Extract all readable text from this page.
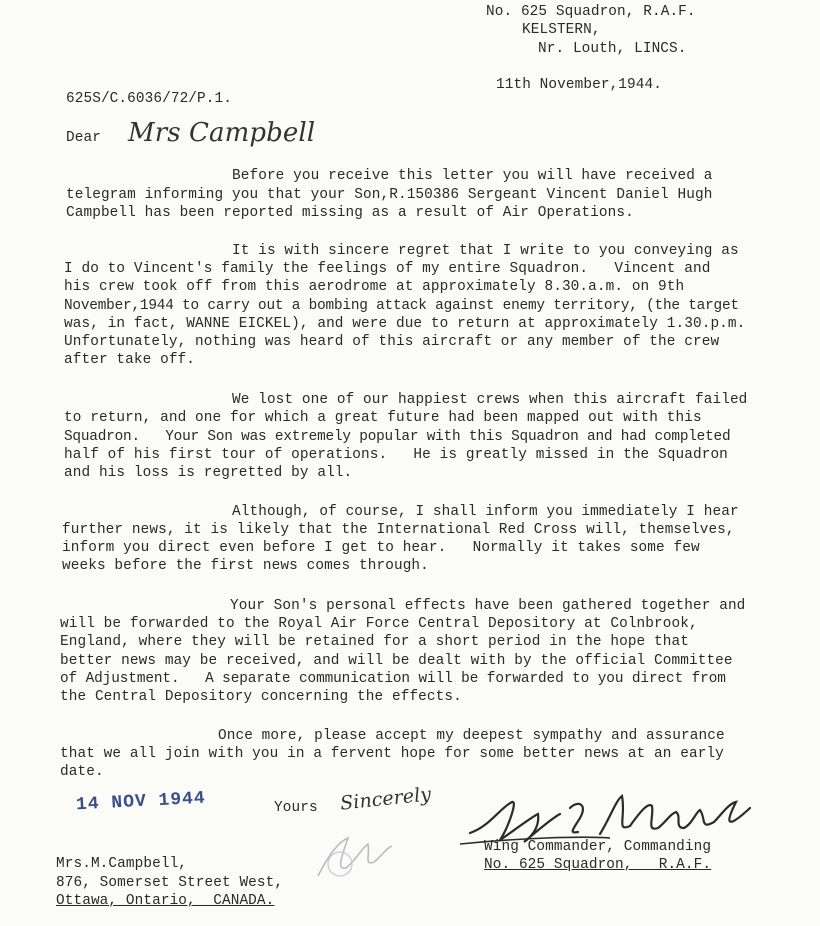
No. 625 Squadron, R.A.F.
KELSTERN,
Nr. Louth, LINCS.
11th November,1944.
625S/C.6036/72/P.1.
Dear Mrs Campbell
Before you receive this letter you will have received a
telegram informing you that your Son,R.150386 Sergeant Vincent Daniel Hugh
Campbell has been reported missing as a result of Air Operations.
It is with sincere regret that I write to you conveying as
I do to Vincent's family the feelings of my entire Squadron.   Vincent and
his crew took off from this aerodrome at approximately 8.30.a.m. on 9th
November,1944 to carry out a bombing attack against enemy territory, (the target
was, in fact, WANNE EICKEL), and were due to return at approximately 1.30.p.m.
Unfortunately, nothing was heard of this aircraft or any member of the crew
after take off.
We lost one of our happiest crews when this aircraft failed
to return, and one for which a great future had been mapped out with this
Squadron.   Your Son was extremely popular with this Squadron and had completed
half of his first tour of operations.   He is greatly missed in the Squadron
and his loss is regretted by all.
Although, of course, I shall inform you immediately I hear
further news, it is likely that the International Red Cross will, themselves,
inform you direct even before I get to hear.   Normally it takes some few
weeks before the first news comes through.
Your Son's personal effects have been gathered together and
will be forwarded to the Royal Air Force Central Depository at Colnbrook,
England, where they will be retained for a short period in the hope that
better news may be received, and will be dealt with by the official Committee
of Adjustment.   A separate communication will be forwarded to you direct from
the Central Depository concerning the effects.
Once more, please accept my deepest sympathy and assurance
that we all join with you in a fervent hope for some better news at an early
date.
14 NOV 1944	Yours Sincerely
Wing Commander, Commanding
No. 625 Squadron,   R.A.F.
Mrs.M.Campbell,
876, Somerset Street West,
Ottawa, Ontario,  CANADA.
